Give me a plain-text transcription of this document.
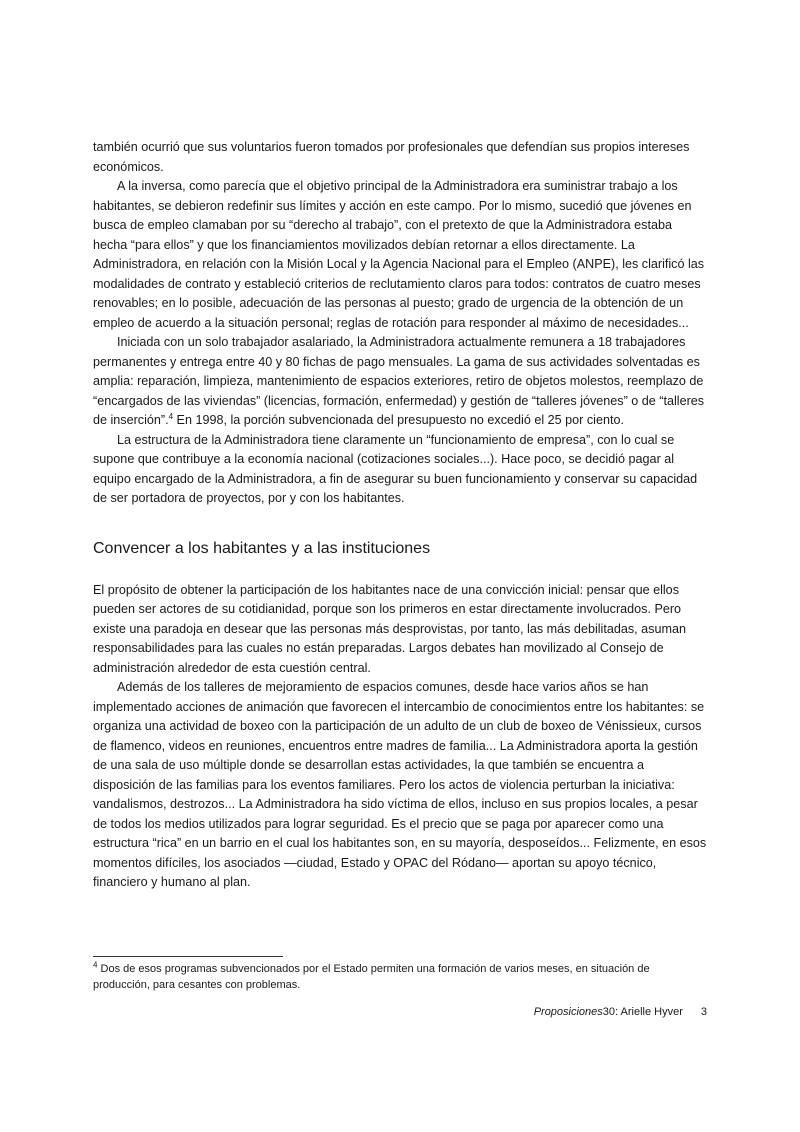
también ocurrió que sus voluntarios fueron tomados por profesionales que defendían sus propios intereses económicos.

A la inversa, como parecía que el objetivo principal de la Administradora era suministrar trabajo a los habitantes, se debieron redefinir sus límites y acción en este campo. Por lo mismo, sucedió que jóvenes en busca de empleo clamaban por su “derecho al trabajo”, con el pretexto de que la Administradora estaba hecha “para ellos” y que los financiamientos movilizados debían retornar a ellos directamente. La Administradora, en relación con la Misión Local y la Agencia Nacional para el Empleo (ANPE), les clarificó las modalidades de contrato y estableció criterios de reclutamiento claros para todos: contratos de cuatro meses renovables; en lo posible, adecuación de las personas al puesto; grado de urgencia de la obtención de un empleo de acuerdo a la situación personal; reglas de rotación para responder al máximo de necesidades...

Iniciada con un solo trabajador asalariado, la Administradora actualmente remunera a 18 trabajadores permanentes y entrega entre 40 y 80 fichas de pago mensuales. La gama de sus actividades solventadas es amplia: reparación, limpieza, mantenimiento de espacios exteriores, retiro de objetos molestos, reemplazo de “encargados de las viviendas” (licencias, formación, enfermedad) y gestión de “talleres jóvenes” o de “talleres de inserción”.$^4$ En 1998, la porción subvencionada del presupuesto no excedió el 25 por ciento.

La estructura de la Administradora tiene claramente un “funcionamiento de empresa”, con lo cual se supone que contribuye a la economía nacional (cotizaciones sociales...). Hace poco, se decidió pagar al equipo encargado de la Administradora, a fin de asegurar su buen funcionamiento y conservar su capacidad de ser portadora de proyectos, por y con los habitantes.

Convencer a los habitantes y a las instituciones

El propósito de obtener la participación de los habitantes nace de una convicción inicial: pensar que ellos pueden ser actores de su cotidianidad, porque son los primeros en estar directamente involucrados. Pero existe una paradoja en desear que las personas más desprovistas, por tanto, las más debilitadas, asuman responsabilidades para las cuales no están preparadas. Largos debates han movilizado al Consejo de administración alrededor de esta cuestión central.

Además de los talleres de mejoramiento de espacios comunes, desde hace varios años se han implementado acciones de animación que favorecen el intercambio de conocimientos entre los habitantes: se organiza una actividad de boxeo con la participación de un adulto de un club de boxeo de Vénissieux, cursos de flamenco, videos en reuniones, encuentros entre madres de familia... La Administradora aporta la gestión de una sala de uso múltiple donde se desarrollan estas actividades, la que también se encuentra a disposición de las familias para los eventos familiares. Pero los actos de violencia perturban la iniciativa: vandalismos, destrozos... La Administradora ha sido víctima de ellos, incluso en sus propios locales, a pesar de todos los medios utilizados para lograr seguridad. Es el precio que se paga por aparecer como una estructura “rica” en un barrio en el cual los habitantes son, en su mayoría, desposeídos... Felizmente, en esos momentos difíciles, los asociados —ciudad, Estado y OPAC del Ródano— aportan su apoyo técnico, financiero y humano al plan.

$^4$ Dos de esos programas subvencionados por el Estado permiten una formación de varios meses, en situación de producción, para cesantes con problemas.
Proposiciones30: Arielle Hyver 3
